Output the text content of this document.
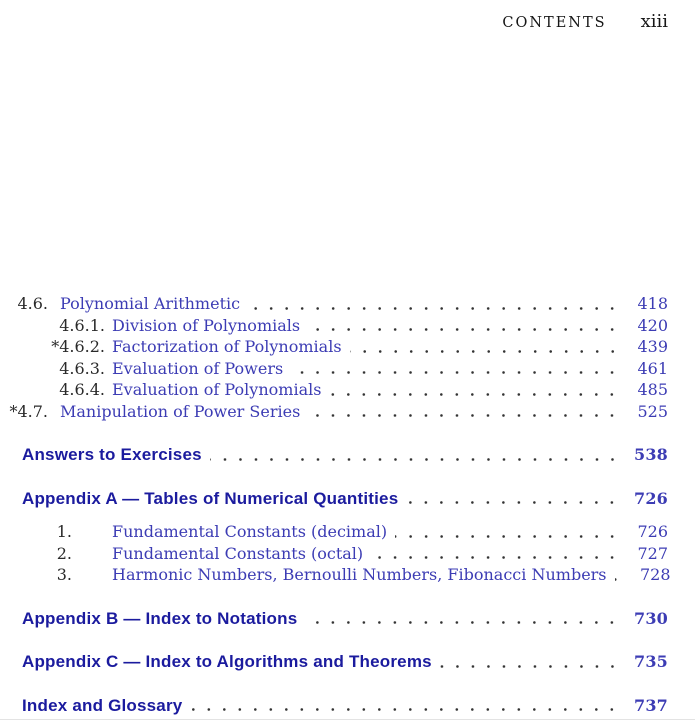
CONTENTS xiii
4.6. Polynomial Arithmetic	418
4.6.1. Division of Polynomials	420
*4.6.2. Factorization of Polynomials	439
4.6.3. Evaluation of Powers	461
4.6.4. Evaluation of Polynomials	485
*4.7. Manipulation of Power Series	525
Answers to Exercises	538
Appendix A — Tables of Numerical Quantities	726
1.	Fundamental Constants (decimal)	726
2.	Fundamental Constants (octal)	727
3.	Harmonic Numbers, Bernoulli Numbers, Fibonacci Numbers 728
Appendix B — Index to Notations	730
Appendix C — Index to Algorithms and Theorems	735
Index and Glossary	737
